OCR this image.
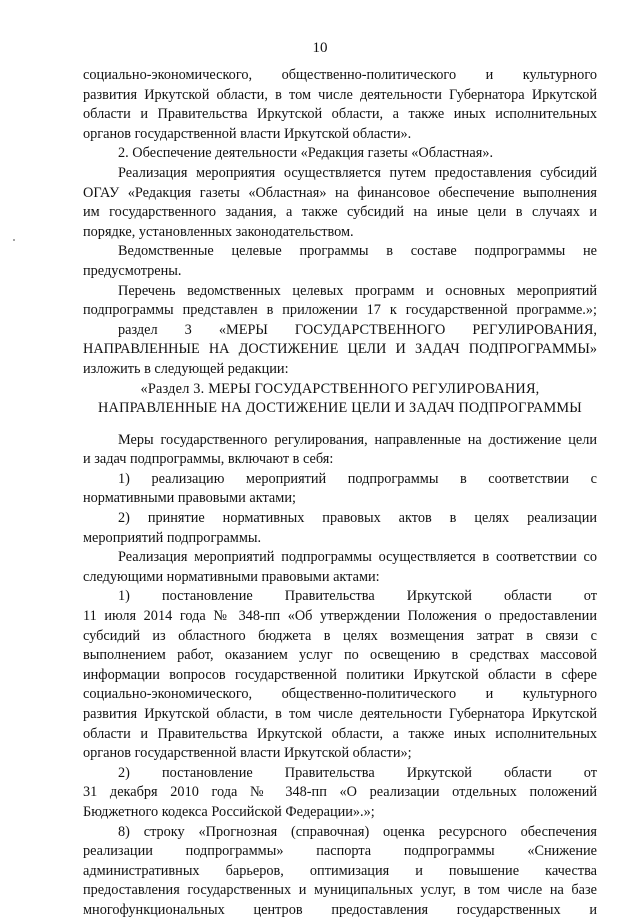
10

социально-экономического, общественно-политического и культурного

развития Иркутской области, в том числе деятельности Губернатора Иркутской

области и Правительства Иркутской области, а также иных исполнительных

органов государственной власти Иркутской области».

2. Обеспечение деятельности «Редакция газеты «Областная».

Реализация мероприятия осуществляется путем предоставления субсидий

ОГАУ «Редакция газеты «Областная» на финансовое обеспечение выполнения

им государственного задания, а также субсидий на иные цели в случаях и

порядке, установленных законодательством.

Ведомственные целевые программы в составе подпрограммы не

предусмотрены.

Перечень ведомственных целевых программ и основных мероприятий

подпрограммы представлен в приложении 17 к государственной программе.»;

раздел 3 «МЕРЫ ГОСУДАРСТВЕННОГО РЕГУЛИРОВАНИЯ,

НАПРАВЛЕННЫЕ НА ДОСТИЖЕНИЕ ЦЕЛИ И ЗАДАЧ ПОДПРОГРАММЫ»

изложить в следующей редакции:

«Раздел 3. МЕРЫ ГОСУДАРСТВЕННОГО РЕГУЛИРОВАНИЯ,

НАПРАВЛЕННЫЕ НА ДОСТИЖЕНИЕ ЦЕЛИ И ЗАДАЧ ПОДПРОГРАММЫ

Меры государственного регулирования, направленные на достижение цели

и задач подпрограммы, включают в себя:

1) реализацию мероприятий подпрограммы в соответствии с

нормативными правовыми актами;

2) принятие нормативных правовых актов в целях реализации

мероприятий подпрограммы.

Реализация мероприятий подпрограммы осуществляется в соответствии со

следующими нормативными правовыми актами:

1) постановление Правительства Иркутской области от

11 июля 2014 года № 348-пп «Об утверждении Положения о предоставлении

субсидий из областного бюджета в целях возмещения затрат в связи с

выполнением работ, оказанием услуг по освещению в средствах массовой

информации вопросов государственной политики Иркутской области в сфере

социально-экономического, общественно-политического и культурного

развития Иркутской области, в том числе деятельности Губернатора Иркутской

области и Правительства Иркутской области, а также иных исполнительных

органов государственной власти Иркутской области»;

2) постановление Правительства Иркутской области от

31 декабря 2010 года № 348-пп «О реализации отдельных положений

Бюджетного кодекса Российской Федерации».»;

8) строку «Прогнозная (справочная) оценка ресурсного обеспечения

реализации подпрограммы» паспорта подпрограммы «Снижение

административных барьеров, оптимизация и повышение качества

предоставления государственных и муниципальных услуг, в том числе на базе

многофункциональных центров предоставления государственных и
